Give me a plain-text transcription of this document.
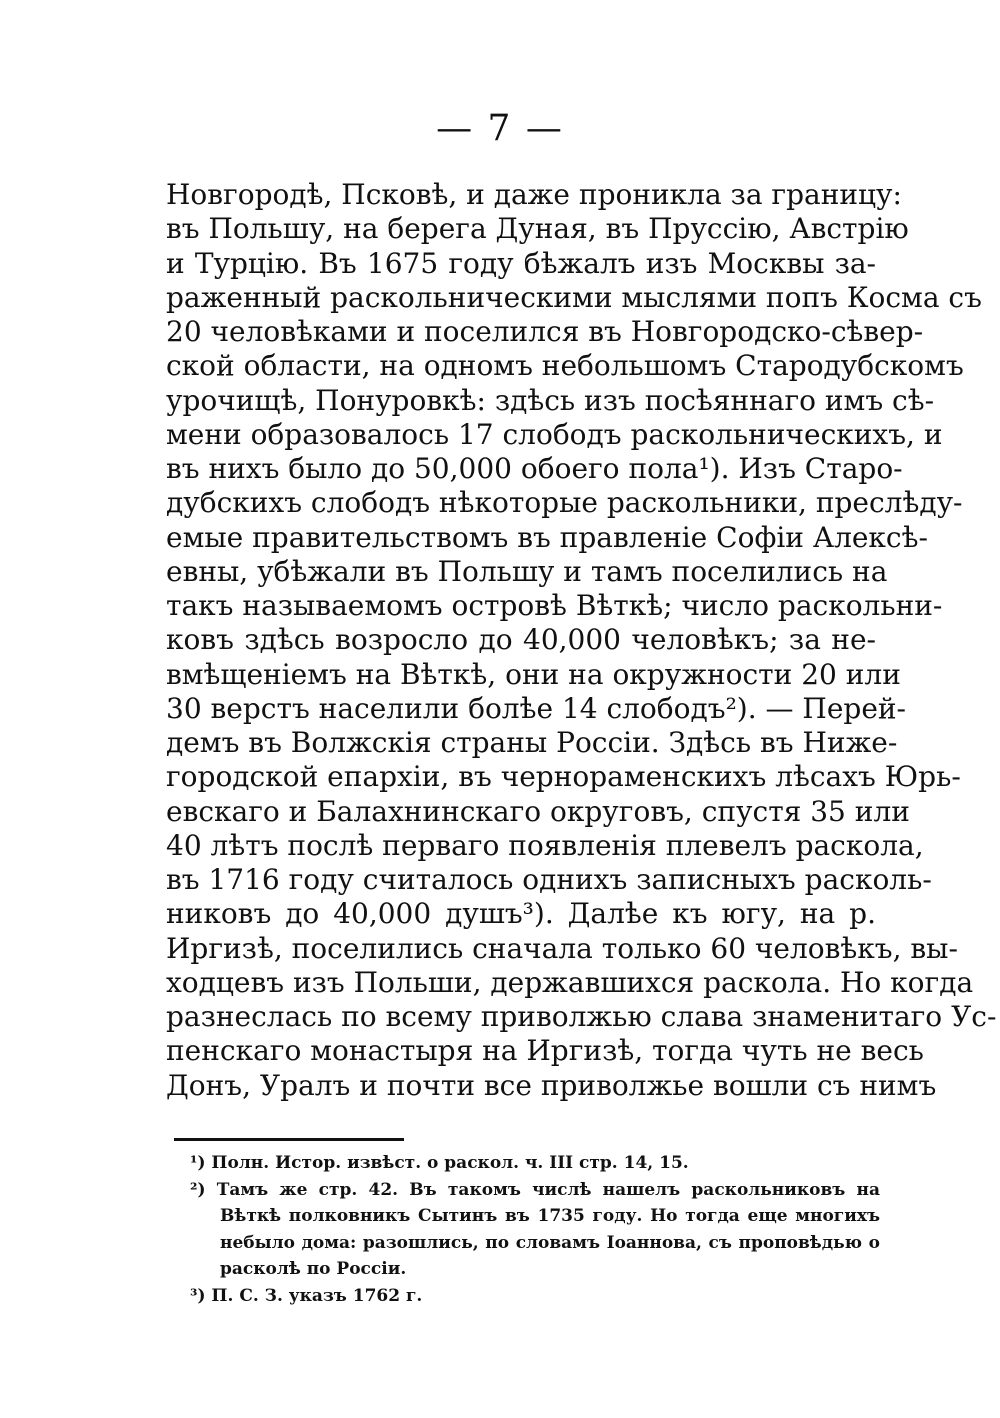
— 7 —
Новгородѣ, Псковѣ, и даже проникла за границу:
въ Польшу, на берега Дуная, въ Пруссію, Австрію
и Турцію. Въ 1675 году бѣжалъ изъ Москвы за-
раженный раскольническими мыслями попъ Косма съ
20 человѣками и поселился въ Новгородско-сѣвер-
ской области, на одномъ небольшомъ Стародубскомъ
урочищѣ, Понуровкѣ: здѣсь изъ посѣяннаго имъ сѣ-
мени образовалось 17 слободъ раскольническихъ, и
въ нихъ было до 50,000 обоего пола¹). Изъ Старо-
дубскихъ слободъ нѣкоторые раскольники, преслѣду-
емые правительствомъ въ правленіе Софіи Алексѣ-
евны, убѣжали въ Польшу и тамъ поселились на
такъ называемомъ островѣ Вѣткѣ; число раскольни-
ковъ здѣсь возросло до 40,000 человѣкъ; за не-
вмѣщеніемъ на Вѣткѣ, они на окружности 20 или
30 верстъ населили болѣе 14 слободъ²). — Перей-
демъ въ Волжскія страны Россіи. Здѣсь въ Ниже-
городской епархіи, въ чернораменскихъ лѣсахъ Юрь-
евскаго и Балахнинскаго округовъ, спустя 35 или
40 лѣтъ послѣ перваго появленія плевелъ раскола,
въ 1716 году считалось однихъ записныхъ расколь-
никовъ до 40,000 душъ³). Далѣе къ югу, на р.
Иргизѣ, поселились сначала только 60 человѣкъ, вы-
ходцевъ изъ Польши, державшихся раскола. Но когда
разнеслась по всему приволжью слава знаменитаго Ус-
пенскаго монастыря на Иргизѣ, тогда чуть не весь
Донъ, Уралъ и почти все приволжье вошли съ нимъ
¹) Полн. Истор. извѣст. о раскол. ч. III стр. 14, 15.
²) Тамъ же стр. 42. Въ такомъ числѣ нашелъ раскольниковъ на
Вѣткѣ полковникъ Сытинъ въ 1735 году. Но тогда еще многихъ
небыло дома: разошлись, по словамъ Іоаннова, съ проповѣдью о
расколѣ по Россіи.
³) П. С. З. указъ 1762 г.
